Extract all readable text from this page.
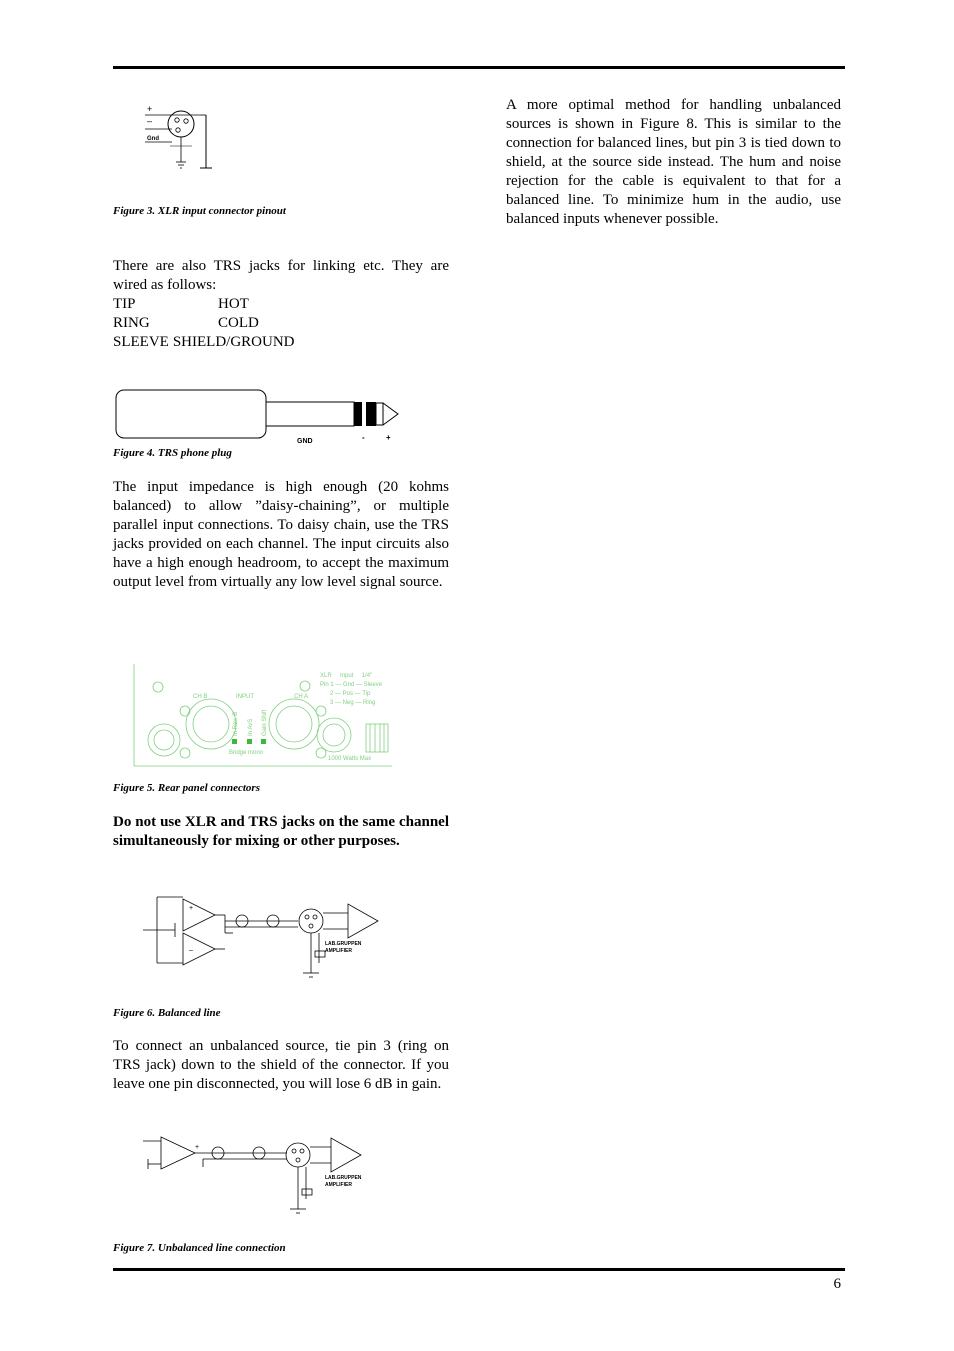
A more optimal method for handling unbalanced sources is shown in Figure 8. This is similar to the connection for balanced lines, but pin 3 is tied down to shield, at the source side instead. The hum and noise rejection for the cable is equivalent to that for a balanced line. To minimize hum in the audio, use balanced inputs whenever possible.

+
–
Gnd
Figure 3. XLR input connector pinout
There are also TRS jacks for linking etc. They are wired as follows:
TIP	HOT
RING	COLD
SLEEVE SHIELD/GROUND
GND	-	+
Figure 4. TRS phone plug
The input impedance is high enough (20 kohms balanced) to allow ”daisy-chaining”, or multiple parallel input connections. To daisy chain, use the TRS jacks provided on each channel. The input circuits also have a high enough headroom, to accept the maximum output level from virtually any low level signal source.
CH B	INPUT	CH A
XLR     Input     1/4"
Pin 1 — Gnd — Sleeve
2 — Pos — Tip
3 — Neg — Ring
In Rev. B In AvS Gain Shift
Bridge mono
1000 Watts Max
Figure 5. Rear panel connectors
Do not use XLR and TRS jacks on the same channel simultaneously for mixing or other purposes.
+
–
LAB.GRUPPEN
AMPLIFIER
Figure 6. Balanced line
To connect an unbalanced source, tie pin 3 (ring on TRS jack) down to the shield of the connector. If you leave one pin disconnected, you will lose 6 dB in gain.
+
LAB.GRUPPEN
AMPLIFIER
Figure 7. Unbalanced line connection
6
